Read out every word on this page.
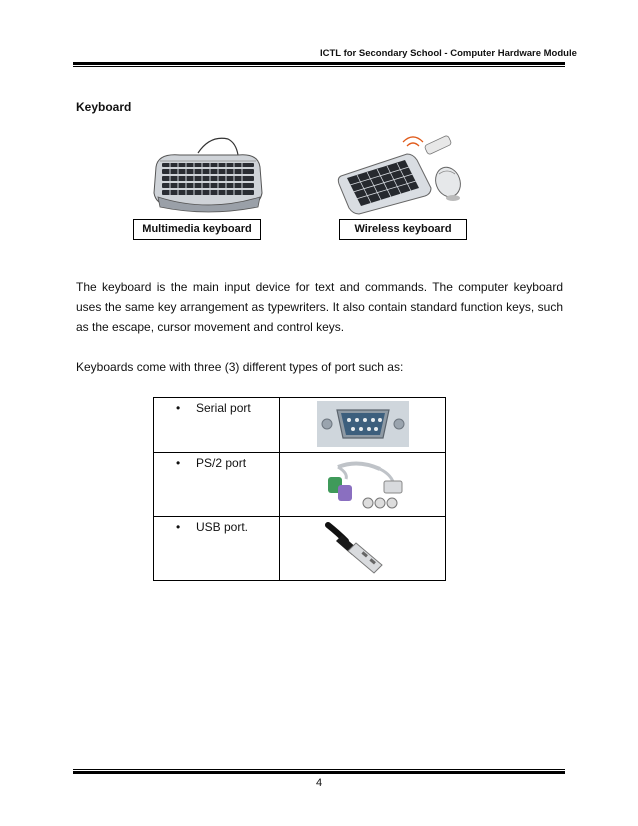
ICTL for Secondary School - Computer Hardware Module
Keyboard
Multimedia keyboard	Wireless keyboard

The keyboard is the main input device for text and commands. The computer keyboard uses the same key arrangement as typewriters. It also contain standard function keys, such as the escape, cursor movement and control keys.

Keyboards come with three (3) different types of port such as:

• Serial port

• PS/2 port

• USB port.

4
